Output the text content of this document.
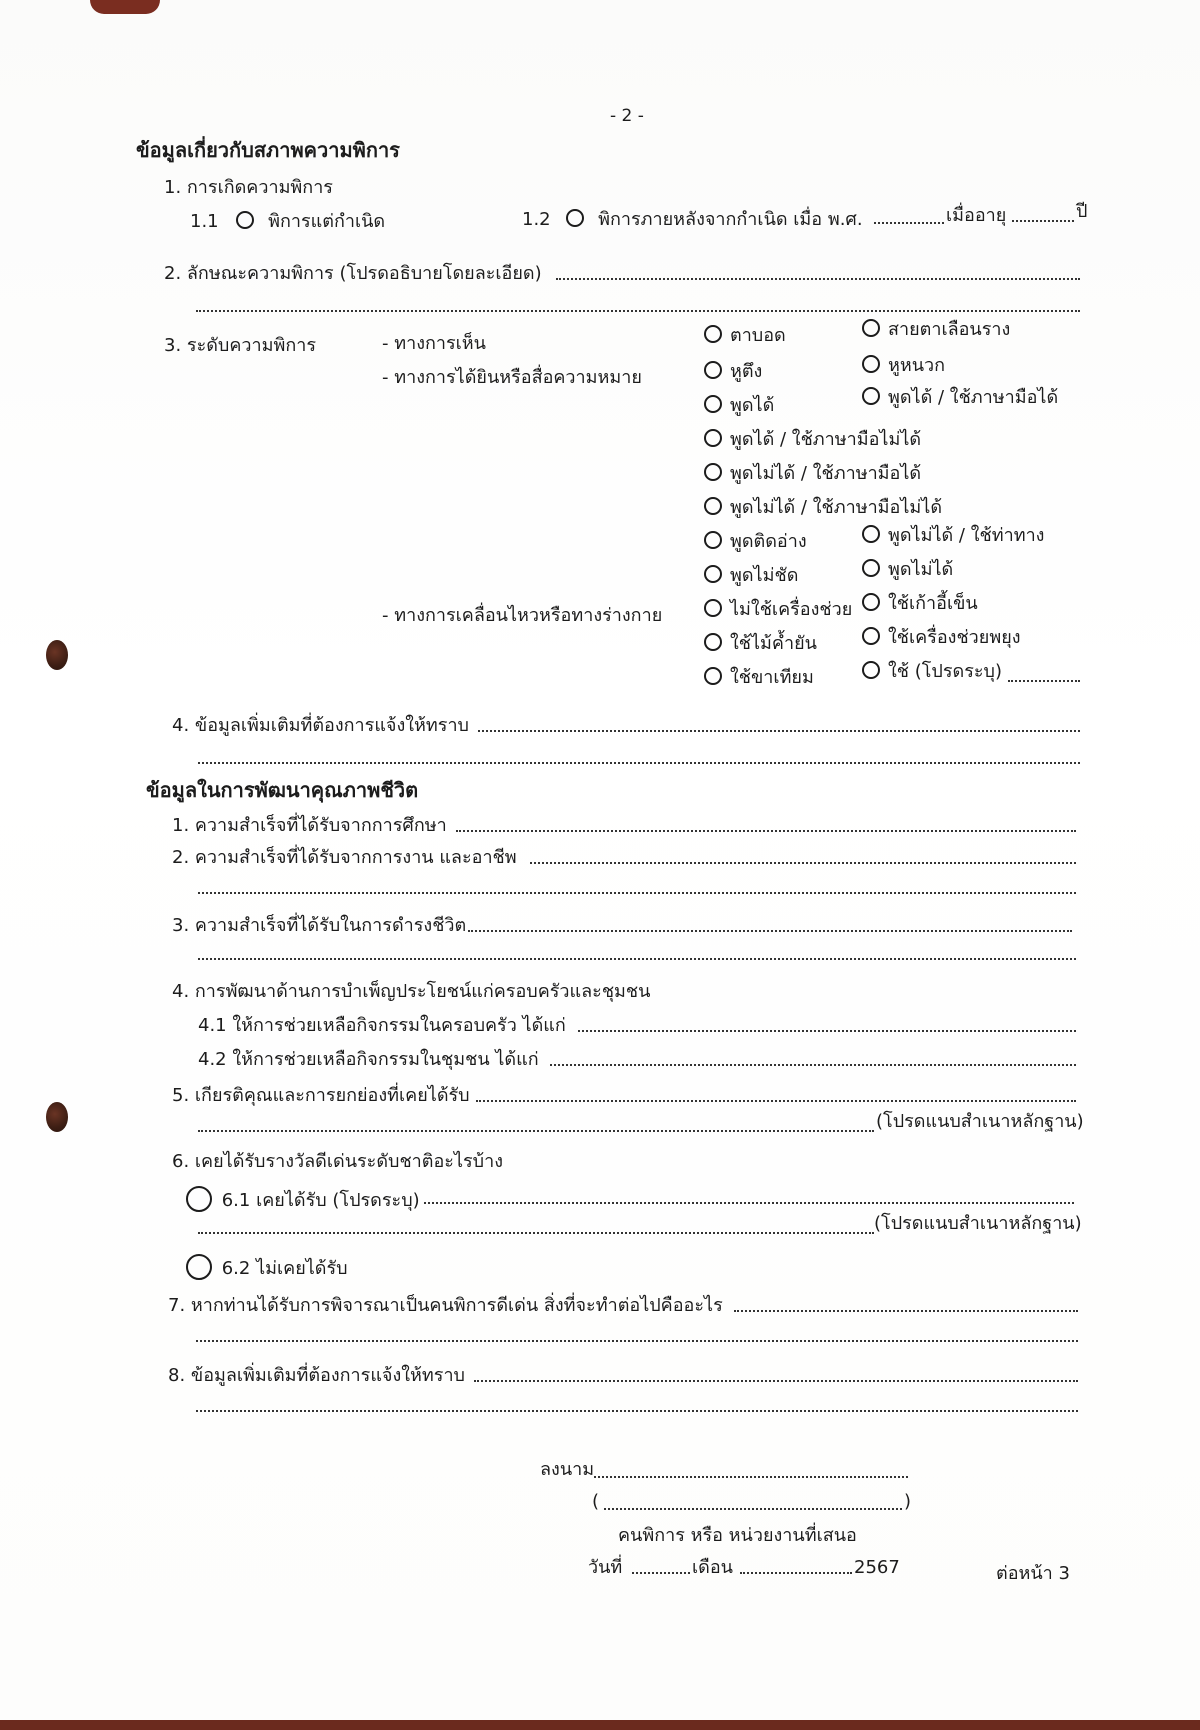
- 2 -
ข้อมูลเกี่ยวกับสภาพความพิการ
1. การเกิดความพิการ
1.1	พิการแต่กำเนิด	1.2	พิการภายหลังจากกำเนิด เมื่อ พ.ศ.	เมื่ออายุ	ปี
2. ลักษณะความพิการ (โปรดอธิบายโดยละเอียด)
3. ระดับความพิการ	- ทางการเห็น	ตาบอด	สายตาเลือนราง
- ทางการได้ยินหรือสื่อความหมาย	หูตึง	หูหนวก
พูดได้	พูดได้ / ใช้ภาษามือได้
พูดได้ / ใช้ภาษามือไม่ได้
พูดไม่ได้ / ใช้ภาษามือได้
พูดไม่ได้ / ใช้ภาษามือไม่ได้
พูดติดอ่าง	พูดไม่ได้ / ใช้ท่าทาง
พูดไม่ชัด	พูดไม่ได้
- ทางการเคลื่อนไหวหรือทางร่างกาย	ไม่ใช้เครื่องช่วย	ใช้เก้าอี้เข็น
ใช้ไม้ค้ำยัน	ใช้เครื่องช่วยพยุง
ใช้ขาเทียม	ใช้ (โปรดระบุ)
4. ข้อมูลเพิ่มเติมที่ต้องการแจ้งให้ทราบ
ข้อมูลในการพัฒนาคุณภาพชีวิต
1. ความสำเร็จที่ได้รับจากการศึกษา
2. ความสำเร็จที่ได้รับจากการงาน และอาชีพ
3. ความสำเร็จที่ได้รับในการดำรงชีวิต
4. การพัฒนาด้านการบำเพ็ญประโยชน์แก่ครอบครัวและชุมชน
4.1 ให้การช่วยเหลือกิจกรรมในครอบครัว ได้แก่
4.2 ให้การช่วยเหลือกิจกรรมในชุมชน ได้แก่
5. เกียรติคุณและการยกย่องที่เคยได้รับ
(โปรดแนบสำเนาหลักฐาน)
6. เคยได้รับรางวัลดีเด่นระดับชาติอะไรบ้าง
6.1 เคยได้รับ (โปรดระบุ)
(โปรดแนบสำเนาหลักฐาน)
6.2 ไม่เคยได้รับ
7. หากท่านได้รับการพิจารณาเป็นคนพิการดีเด่น สิ่งที่จะทำต่อไปคืออะไร
8. ข้อมูลเพิ่มเติมที่ต้องการแจ้งให้ทราบ
ลงนาม
(	)
คนพิการ หรือ หน่วยงานที่เสนอ
วันที่	เดือน	2567	ต่อหน้า 3
